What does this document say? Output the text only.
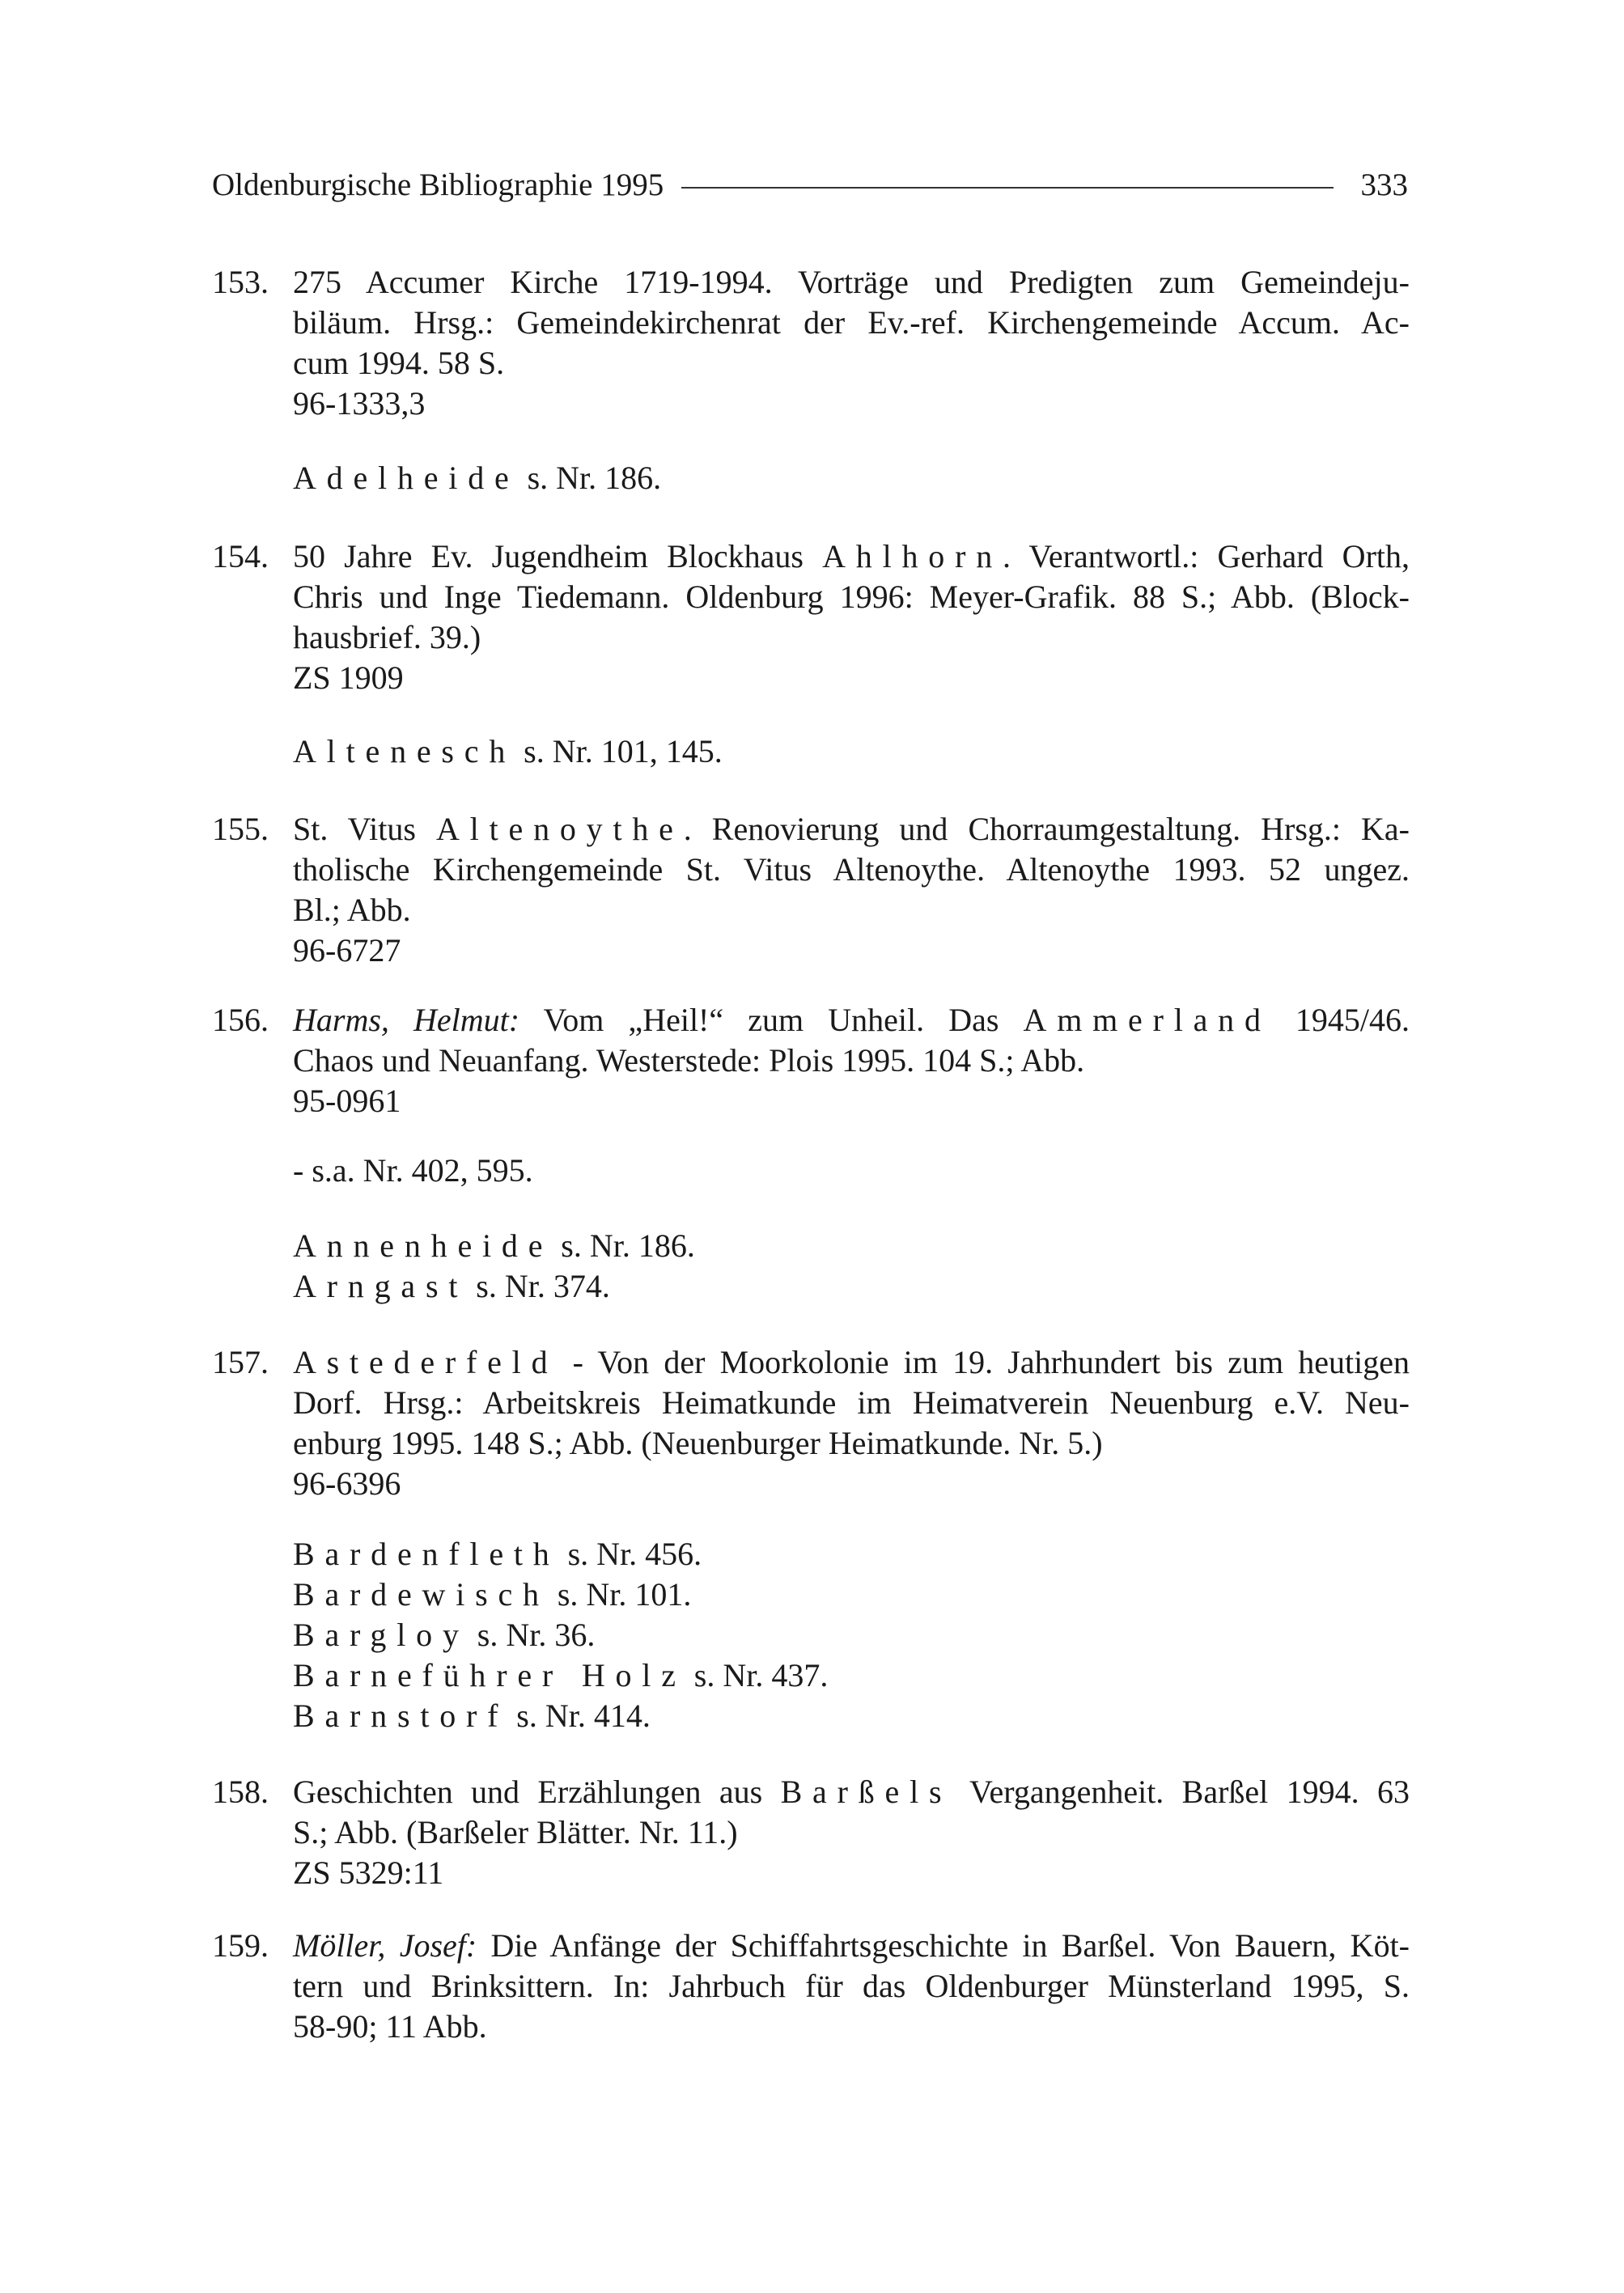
Oldenburgische Bibliographie 1995	333
153. 275 Accumer Kirche 1719-1994. Vorträge und Predigten zum Gemeindeju-
biläum. Hrsg.: Gemeindekirchenrat der Ev.-ref. Kirchengemeinde Accum. Ac-
cum 1994. 58 S.
96-1333,3
Adelheide s. Nr. 186.
154. 50 Jahre Ev. Jugendheim Blockhaus Ahlhorn. Verantwortl.: Gerhard Orth,
Chris und Inge Tiedemann. Oldenburg 1996: Meyer-Grafik. 88 S.; Abb. (Block-
hausbrief. 39.)
ZS 1909
Altenesch s. Nr. 101, 145.
155. St. Vitus Altenoythe. Renovierung und Chorraumgestaltung. Hrsg.: Ka-
tholische Kirchengemeinde St. Vitus Altenoythe. Altenoythe 1993. 52 ungez.
Bl.; Abb.
96-6727
156. Harms, Helmut: Vom „Heil!“ zum Unheil. Das Ammerland 1945/46.
Chaos und Neuanfang. Westerstede: Plois 1995. 104 S.; Abb.
95-0961
- s.a. Nr. 402, 595.
Annenheide s. Nr. 186.
Arngast s. Nr. 374.
157. Astederfeld - Von der Moorkolonie im 19. Jahrhundert bis zum heutigen
Dorf. Hrsg.: Arbeitskreis Heimatkunde im Heimatverein Neuenburg e.V. Neu-
enburg 1995. 148 S.; Abb. (Neuenburger Heimatkunde. Nr. 5.)
96-6396
Bardenfleth s. Nr. 456.
Bardewisch s. Nr. 101.
Bargloy s. Nr. 36.
Barneführer Holz s. Nr. 437.
Barnstorf s. Nr. 414.
158. Geschichten und Erzählungen aus Barßels Vergangenheit. Barßel 1994. 63
S.; Abb. (Barßeler Blätter. Nr. 11.)
ZS 5329:11
159. Möller, Josef: Die Anfänge der Schiffahrtsgeschichte in Barßel. Von Bauern, Köt-
tern und Brinksittern. In: Jahrbuch für das Oldenburger Münsterland 1995, S.
58-90; 11 Abb.
